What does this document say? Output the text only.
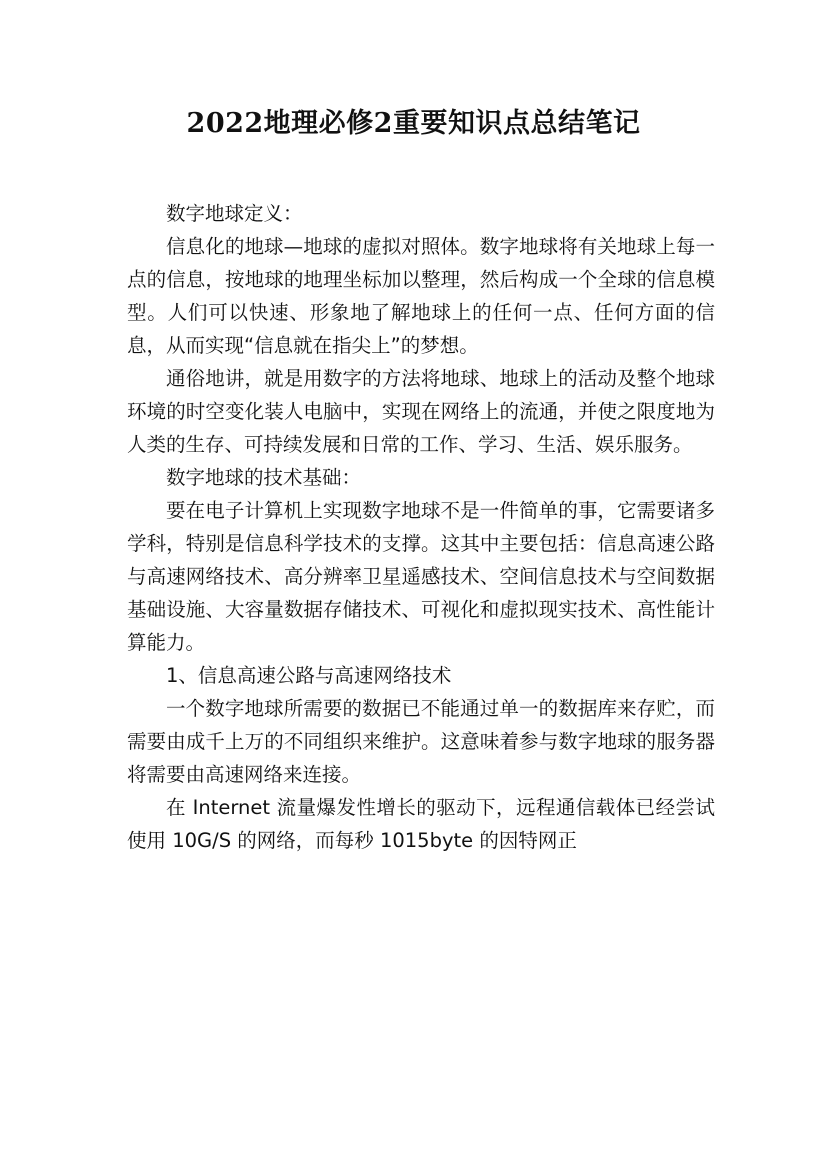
2022地理必修2重要知识点总结笔记

数字地球定义：

信息化的地球—地球的虚拟对照体。数字地球将有关地球上每一点的信息，按地球的地理坐标加以整理，然后构成一个全球的信息模型。人们可以快速、形象地了解地球上的任何一点、任何方面的信息，从而实现“信息就在指尖上”的梦想。

通俗地讲，就是用数字的方法将地球、地球上的活动及整个地球环境的时空变化装人电脑中，实现在网络上的流通，并使之限度地为人类的生存、可持续发展和日常的工作、学习、生活、娱乐服务。

数字地球的技术基础：

要在电子计算机上实现数字地球不是一件简单的事，它需要诸多学科，特别是信息科学技术的支撑。这其中主要包括：信息高速公路与高速网络技术、高分辨率卫星遥感技术、空间信息技术与空间数据基础设施、大容量数据存储技术、可视化和虚拟现实技术、高性能计算能力。

1、信息高速公路与高速网络技术

一个数字地球所需要的数据已不能通过单一的数据库来存贮，而需要由成千上万的不同组织来维护。这意味着参与数字地球的服务器将需要由高速网络来连接。

在 Internet 流量爆发性增长的驱动下，远程通信载体已经尝试使用 10G/S 的网络，而每秒 1015byte 的因特网正
